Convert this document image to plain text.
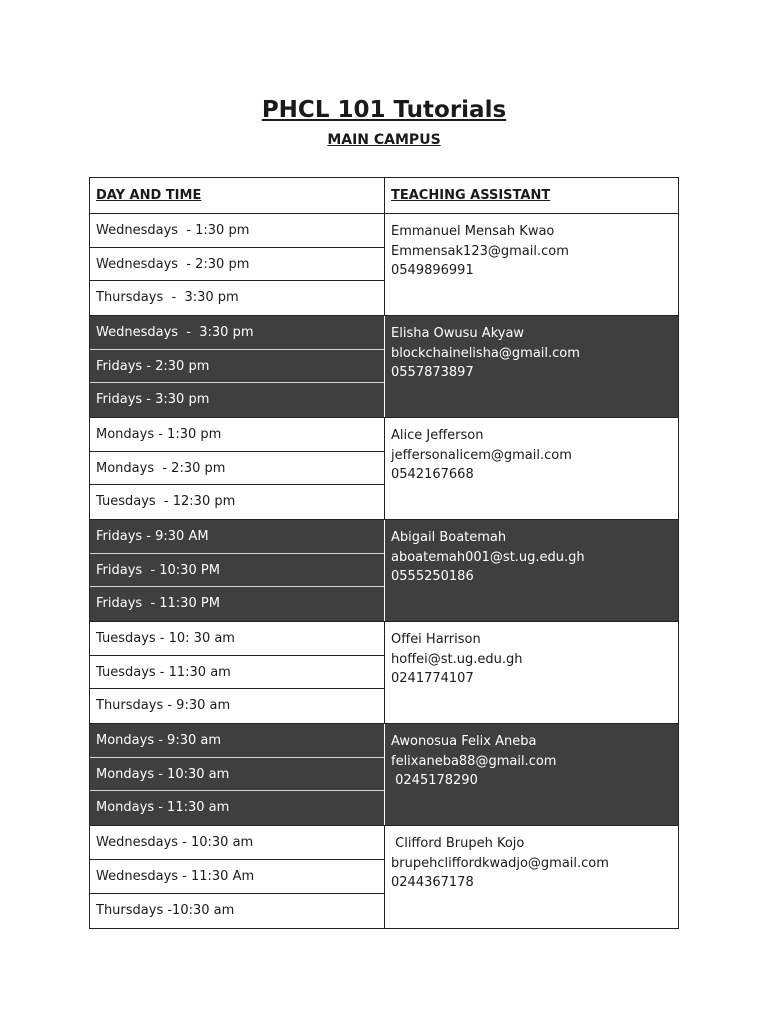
PHCL 101 Tutorials
MAIN CAMPUS
DAY AND TIME	TEACHING ASSISTANT
Wednesdays  - 1:30 pm
Wednesdays  - 2:30 pm
Thursdays  -  3:30 pm
Emmanuel Mensah Kwao
Emmensak123@gmail.com
0549896991
Wednesdays  -  3:30 pm
Fridays - 2:30 pm
Fridays - 3:30 pm
Elisha Owusu Akyaw
blockchainelisha@gmail.com
0557873897
Mondays - 1:30 pm
Mondays  - 2:30 pm
Tuesdays  - 12:30 pm
Alice Jefferson
jeffersonalicem@gmail.com
0542167668
Fridays - 9:30 AM
Fridays  - 10:30 PM
Fridays  - 11:30 PM
Abigail Boatemah
aboatemah001@st.ug.edu.gh
0555250186
Tuesdays - 10: 30 am
Tuesdays - 11:30 am
Thursdays - 9:30 am
Offei Harrison
hoffei@st.ug.edu.gh
0241774107
Mondays - 9:30 am
Mondays - 10:30 am
Mondays - 11:30 am
Awonosua Felix Aneba
felixaneba88@gmail.com
0245178290
Wednesdays - 10:30 am
Wednesdays - 11:30 Am
Thursdays -10:30 am
Clifford Brupeh Kojo
brupehcliffordkwadjo@gmail.com
0244367178
